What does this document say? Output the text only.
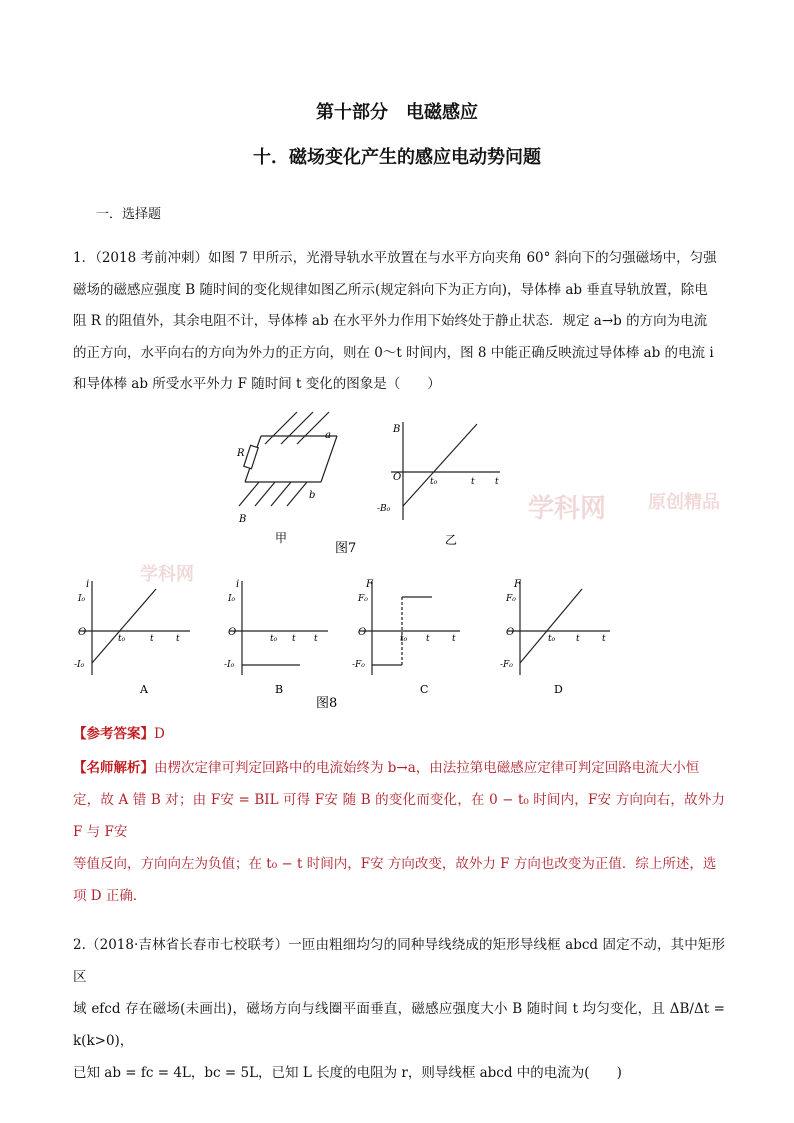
第十部分　电磁感应
十．磁场变化产生的感应电动势问题
一．选择题
1．（2018 考前冲刺）如图 7 甲所示，光滑导轨水平放置在与水平方向夹角 60° 斜向下的匀强磁场中，匀强
磁场的磁感应强度 B 随时间的变化规律如图乙所示(规定斜向下为正方向)，导体棒 ab 垂直导轨放置，除电
阻 R 的阻值外，其余电阻不计，导体棒 ab 在水平外力作用下始终处于静止状态．规定 a→b 的方向为电流
的正方向，水平向右的方向为外力的正方向，则在 0～t 时间内，图 8 中能正确反映流过导体棒 ab 的电流 i
和导体棒 ab 所受水平外力 F 随时间 t 变化的图象是（　　）
学科网 原创精品
学科网
a
b
R
B
甲
图7
乙
B
O	t₀	t t
-B₀
i
I₀
O
t₀	t t
-I₀
A
i
I₀
O
t₀ t t
-I₀
B
图8
F
F₀
O
t₀ t t
-F₀
C
F
F₀
O
t₀ t t
-F₀
D
【参考答案】D
【名师解析】由楞次定律可判定回路中的电流始终为 b→a，由法拉第电磁感应定律可判定回路电流大小恒
定，故 A 错 B 对；由 F安 = BIL 可得 F安 随 B 的变化而变化，在 0 − t₀ 时间内，F安 方向向右，故外力 F 与 F安
等值反向，方向向左为负值；在 t₀ − t 时间内，F安 方向改变，故外力 F 方向也改变为正值．综上所述，选
项 D 正确．
2.（2018·吉林省长春市七校联考）一匝由粗细均匀的同种导线绕成的矩形导线框 abcd 固定不动，其中矩形区
域 efcd 存在磁场(未画出)，磁场方向与线圈平面垂直，磁感应强度大小 B 随时间 t 均匀变化，且 ΔB/Δt = k(k>0)，
已知 ab = fc = 4L，bc = 5L，已知 L 长度的电阻为 r，则导线框 abcd 中的电流为(　　)
